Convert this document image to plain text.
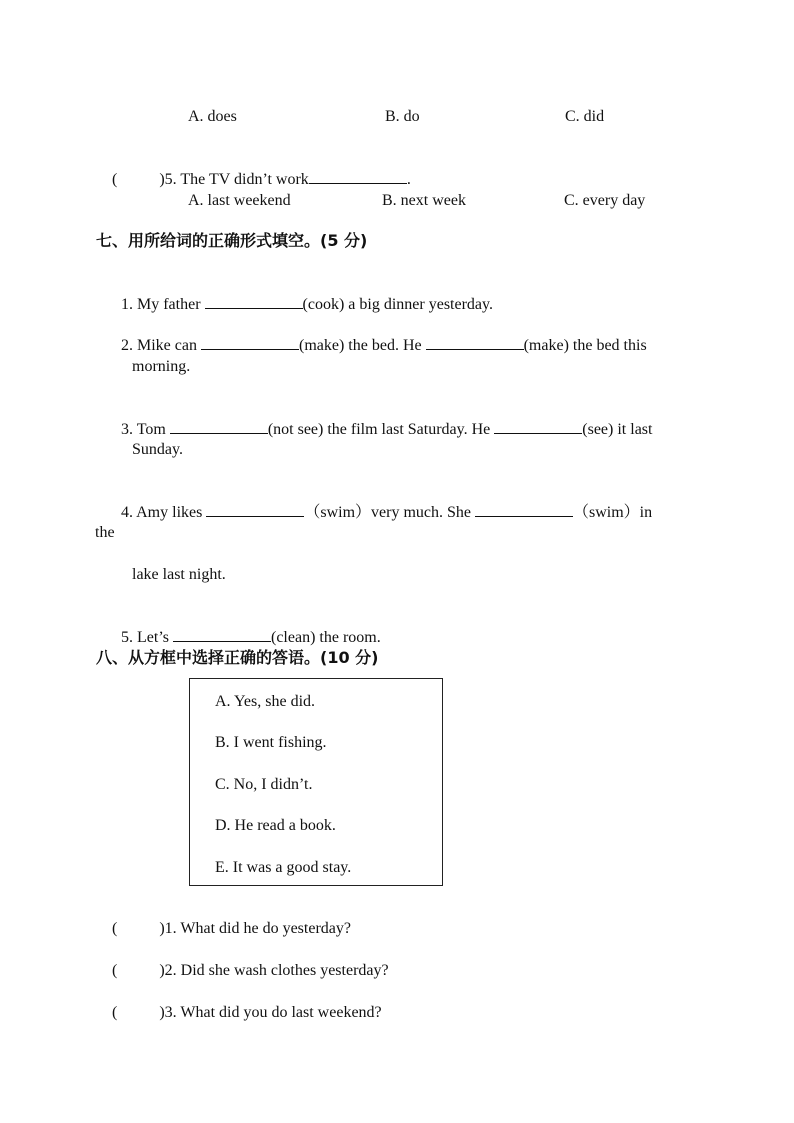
A. does	B. do	C. did

(	)5. The TV didn’t work	.

A. last weekend	B. next week	C. every day
七、用所给词的正确形式填空。(5 分)

1. My father	(cook) a big dinner yesterday.

2. Mike can	(make) the bed. He	(make) the bed this

morning.

3. Tom	(not see) the film last Saturday. He	(see) it last

Sunday.

4. Amy likes	（swim）very much. She	（swim）in

the
lake last night.

5. Let’s	(clean) the room.

八、从方框中选择正确的答语。(10 分)
A. Yes, she did.
B. I went fishing.
C. No, I didn’t.
D. He read a book.
E. It was a good stay.

(	)1. What did he do yesterday?

(	)2. Did she wash clothes yesterday?

(	)3. What did you do last weekend?
